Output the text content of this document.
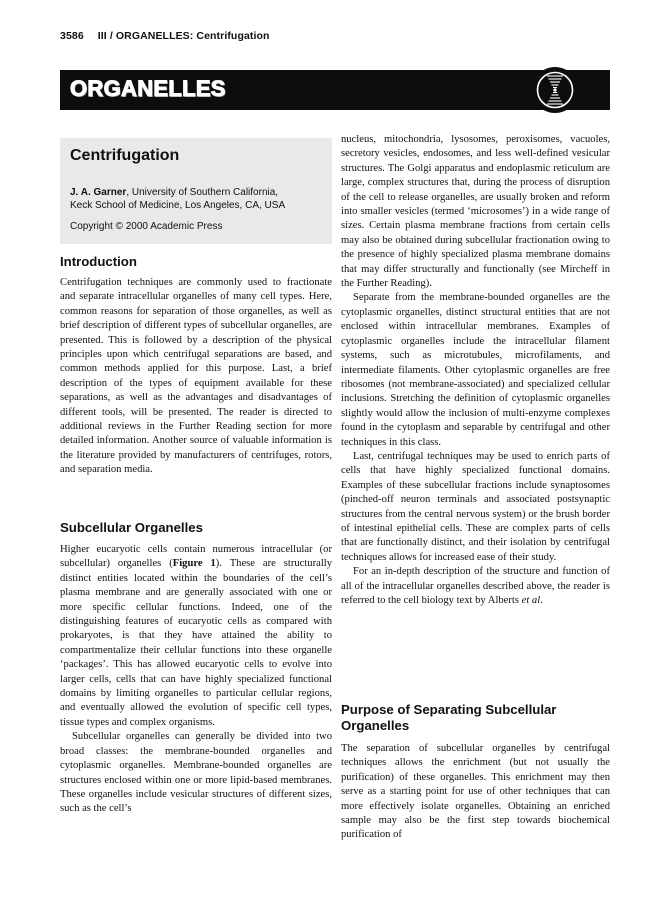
3586 III / ORGANELLES: Centrifugation
ORGANELLES
Centrifugation
J. A. Garner, University of Southern California,
Keck School of Medicine, Los Angeles, CA, USA
Copyright © 2000 Academic Press
Introduction

Centrifugation techniques are commonly used to fractionate and separate intracellular organelles of many cell types. Here, common reasons for separation of those organelles, as well as brief description of different types of subcellular organelles, are presented. This is followed by a description of the physical principles upon which centrifugal separations are based, and common methods applied for this purpose. Last, a brief description of the types of equipment available for these separations, as well as the advantages and disadvantages of different tools, will be presented. The reader is directed to additional reviews in the Further Reading section for more detailed information. Another source of valuable information is the literature provided by manufacturers of centrifuges, rotors, and separation media.

Subcellular Organelles

Higher eucaryotic cells contain numerous intracellular (or subcellular) organelles (Figure 1). These are structurally distinct entities located within the boundaries of the cell’s plasma membrane and are generally associated with one or more specific cellular functions. Indeed, one of the distinguishing features of eucaryotic cells as compared with prokaryotes, is that they have attained the ability to compartmentalize their cellular functions into these organelle ‘packages’. This has allowed eucaryotic cells to evolve into larger cells, cells that can have highly specialized functional domains by limiting organelles to particular cellular regions, and eventually allowed the evolution of specific cell types, tissue types and complex organisms.

Subcellular organelles can generally be divided into two broad classes: the membrane-bounded organelles and cytoplasmic organelles. Membrane-bounded organelles are structures enclosed within one or more lipid-based membranes. These organelles include vesicular structures of different sizes, such as the cell’s

nucleus, mitochondria, lysosomes, peroxisomes, vacuoles, secretory vesicles, endosomes, and less well-defined vesicular structures. The Golgi apparatus and endoplasmic reticulum are large, complex structures that, during the process of disruption of the cell to release organelles, are usually broken and reform into smaller vesicles (termed ‘microsomes’) in a wide range of sizes. Certain plasma membrane fractions from certain cells may also be obtained during subcellular fractionation owing to the presence of highly specialized plasma membrane domains that may differ structurally and functionally (see Mircheff in the Further Reading).

Separate from the membrane-bounded organelles are the cytoplasmic organelles, distinct structural entities that are not enclosed within intracellular membranes. Examples of cytoplasmic organelles include the intracellular filament systems, such as microtubules, microfilaments, and intermediate filaments. Other cytoplasmic organelles are free ribosomes (not membrane-associated) and specialized cellular inclusions. Stretching the definition of cytoplasmic organelles slightly would allow the inclusion of multi-enzyme complexes found in the cytoplasm and separable by centrifugal and other techniques in this class.

Last, centrifugal techniques may be used to enrich parts of cells that have highly specialized functional domains. Examples of these subcellular fractions include synaptosomes (pinched-off neuron terminals and associated postsynaptic structures from the central nervous system) or the brush border of intestinal epithelial cells. These are complex parts of cells that are functionally distinct, and their isolation by centrifugal techniques allows for increased ease of their study.

For an in-depth description of the structure and function of all of the intracellular organelles described above, the reader is referred to the cell biology text by Alberts et al.

Purpose of Separating Subcellular Organelles

The separation of subcellular organelles by centrifugal techniques allows the enrichment (but not usually the purification) of these organelles. This enrichment may then serve as a starting point for use of other techniques that can more effectively isolate organelles. Obtaining an enriched sample may also be the first step towards biochemical purification of
